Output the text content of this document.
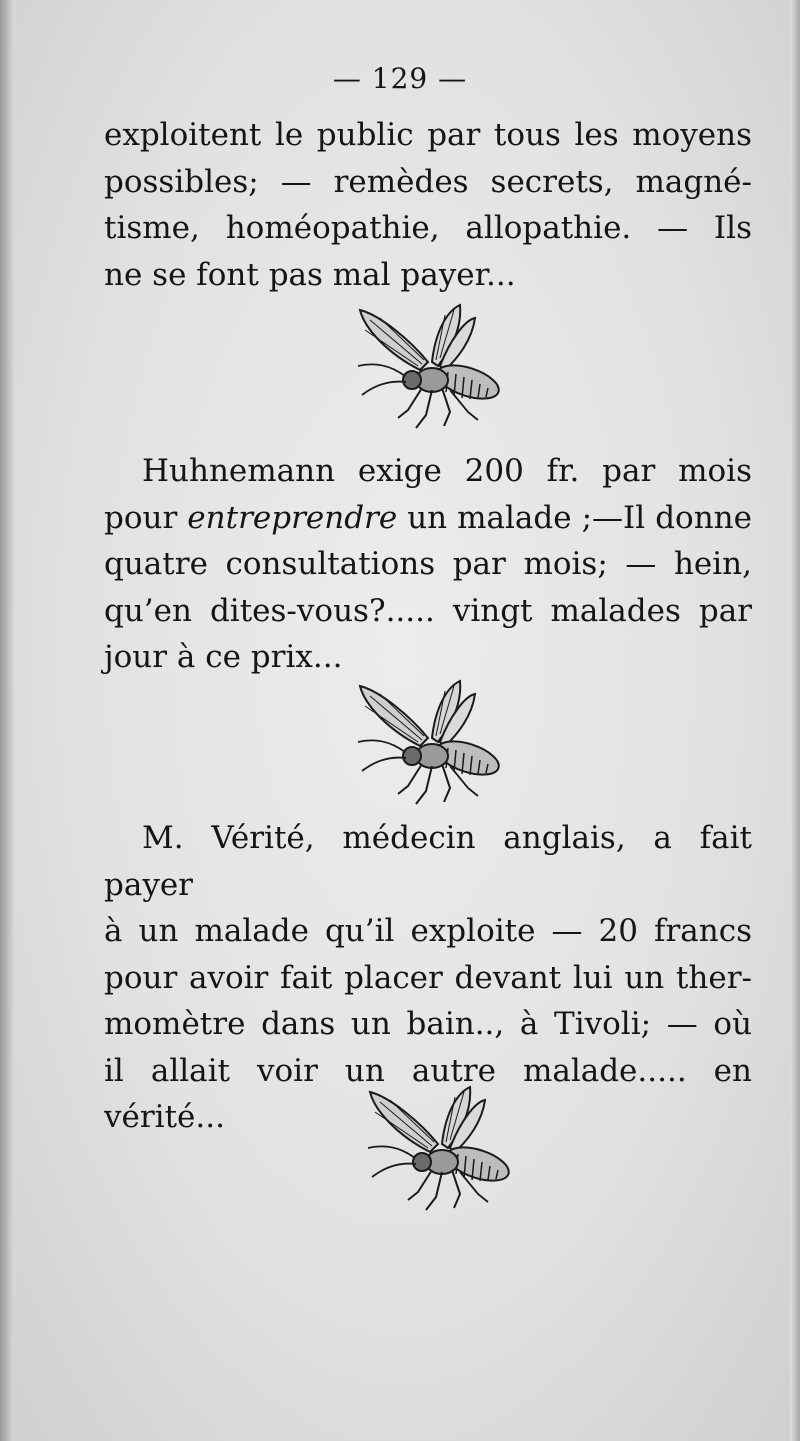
— 129 —
exploitent le public par tous les moyens
possibles; — remèdes secrets, magné-
tisme, homéopathie, allopathie. — Ils
ne se font pas mal payer...
Huhnemann exige 200 fr. par mois
pour entreprendre un malade ;—Il donne
quatre consultations par mois; — hein,
qu’en dites-vous?..... vingt malades par
jour à ce prix...
M. Vérité, médecin anglais, a fait payer
à un malade qu’il exploite — 20 francs
pour avoir fait placer devant lui un ther-
momètre dans un bain.., à Tivoli; — où
il allait voir un autre malade..... en
vérité...
